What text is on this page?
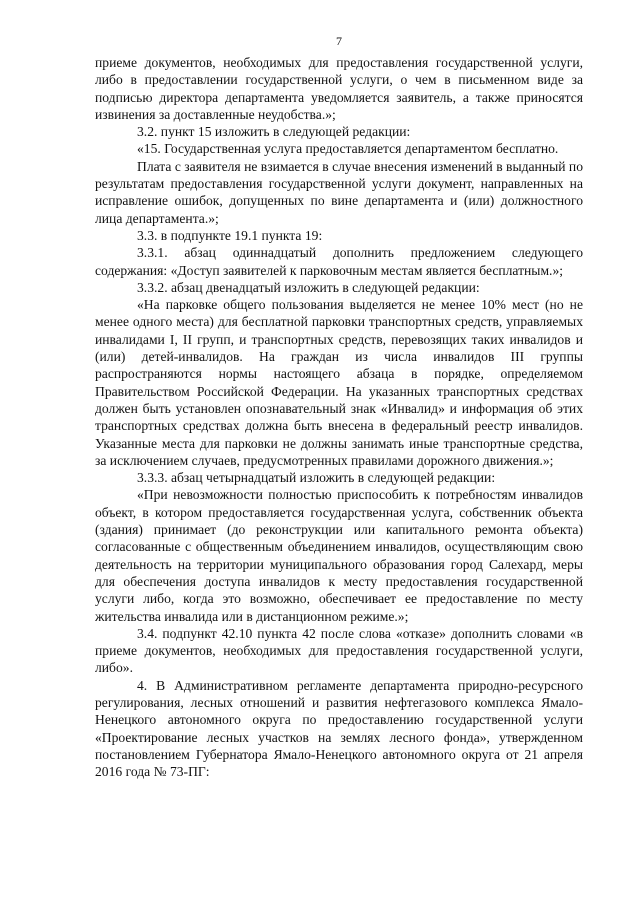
7

приеме документов, необходимых для предоставления государственной услуги, либо в предоставлении государственной услуги, о чем в письменном виде за подписью директора департамента уведомляется заявитель, а также приносятся извинения за доставленные неудобства.»;

3.2. пункт 15 изложить в следующей редакции:

«15. Государственная услуга предоставляется департаментом бесплатно.

Плата с заявителя не взимается в случае внесения изменений в выданный по результатам предоставления государственной услуги документ, направленных на исправление ошибок, допущенных по вине департамента и (или) должностного лица департамента.»;

3.3. в подпункте 19.1 пункта 19:

3.3.1. абзац одиннадцатый дополнить предложением следующего содержания: «Доступ заявителей к парковочным местам является бесплатным.»;

3.3.2. абзац двенадцатый изложить в следующей редакции:

«На парковке общего пользования выделяется не менее 10% мест (но не менее одного места) для бесплатной парковки транспортных средств, управляемых инвалидами I, II групп, и транспортных средств, перевозящих таких инвалидов и (или) детей-инвалидов. На граждан из числа инвалидов III группы распространяются нормы настоящего абзаца в порядке, определяемом Правительством Российской Федерации. На указанных транспортных средствах должен быть установлен опознавательный знак «Инвалид» и информация об этих транспортных средствах должна быть внесена в федеральный реестр инвалидов. Указанные места для парковки не должны занимать иные транспортные средства, за исключением случаев, предусмотренных правилами дорожного движения.»;

3.3.3. абзац четырнадцатый изложить в следующей редакции:

«При невозможности полностью приспособить к потребностям инвалидов объект, в котором предоставляется государственная услуга, собственник объекта (здания) принимает (до реконструкции или капитального ремонта объекта) согласованные с общественным объединением инвалидов, осуществляющим свою деятельность на территории муниципального образования город Салехард, меры для обеспечения доступа инвалидов к месту предоставления государственной услуги либо, когда это возможно, обеспечивает ее предоставление по месту жительства инвалида или в дистанционном режиме.»;

3.4. подпункт 42.10 пункта 42 после слова «отказе» дополнить словами «в приеме документов, необходимых для предоставления государственной услуги, либо».

4. В Административном регламенте департамента природно-ресурсного регулирования, лесных отношений и развития нефтегазового комплекса Ямало-Ненецкого автономного округа по предоставлению государственной услуги «Проектирование лесных участков на землях лесного фонда», утвержденном постановлением Губернатора Ямало-Ненецкого автономного округа от 21 апреля 2016 года № 73-ПГ:
